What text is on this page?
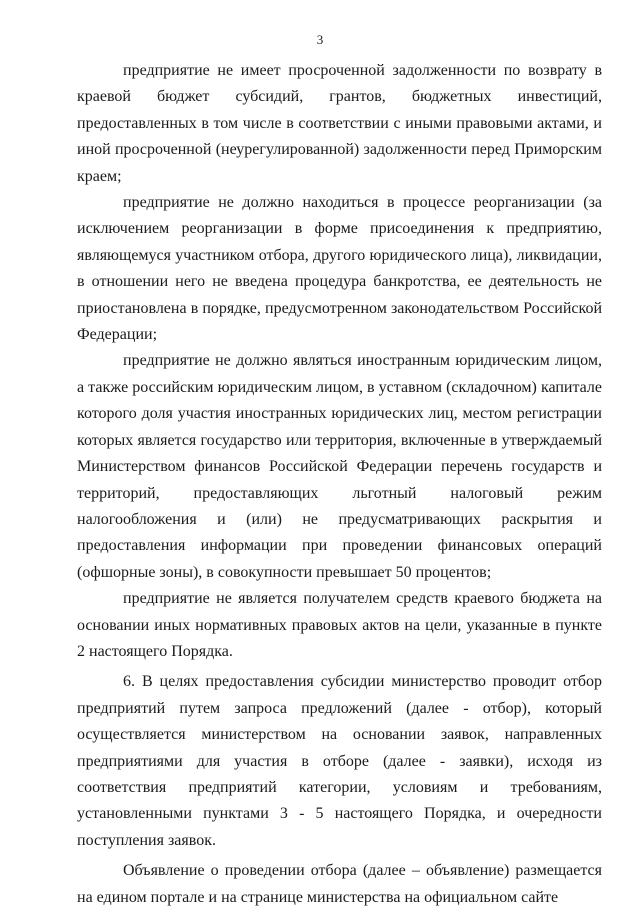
3

предприятие не имеет просроченной задолженности по возврату в краевой бюджет субсидий, грантов, бюджетных инвестиций, предоставленных в том числе в соответствии с иными правовыми актами, и иной просроченной (неурегулированной) задолженности перед Приморским краем;

предприятие не должно находиться в процессе реорганизации (за исключением реорганизации в форме присоединения к предприятию, являющемуся участником отбора, другого юридического лица), ликвидации, в отношении него не введена процедура банкротства, ее деятельность не приостановлена в порядке, предусмотренном законодательством Российской Федерации;

предприятие не должно являться иностранным юридическим лицом, а также российским юридическим лицом, в уставном (складочном) капитале которого доля участия иностранных юридических лиц, местом регистрации которых является государство или территория, включенные в утверждаемый Министерством финансов Российской Федерации перечень государств и территорий, предоставляющих льготный налоговый режим налогообложения и (или) не предусматривающих раскрытия и предоставления информации при проведении финансовых операций (офшорные зоны), в совокупности превышает 50 процентов;

предприятие не является получателем средств краевого бюджета на основании иных нормативных правовых актов на цели, указанные в пункте 2 настоящего Порядка.

6. В целях предоставления субсидии министерство проводит отбор предприятий путем запроса предложений (далее - отбор), который осуществляется министерством на основании заявок, направленных предприятиями для участия в отборе (далее - заявки), исходя из соответствия предприятий категории, условиям и требованиям, установленными пунктами 3 - 5 настоящего Порядка, и очередности поступления заявок.

Объявление о проведении отбора (далее – объявление) размещается на едином портале и на странице министерства на официальном сайте
